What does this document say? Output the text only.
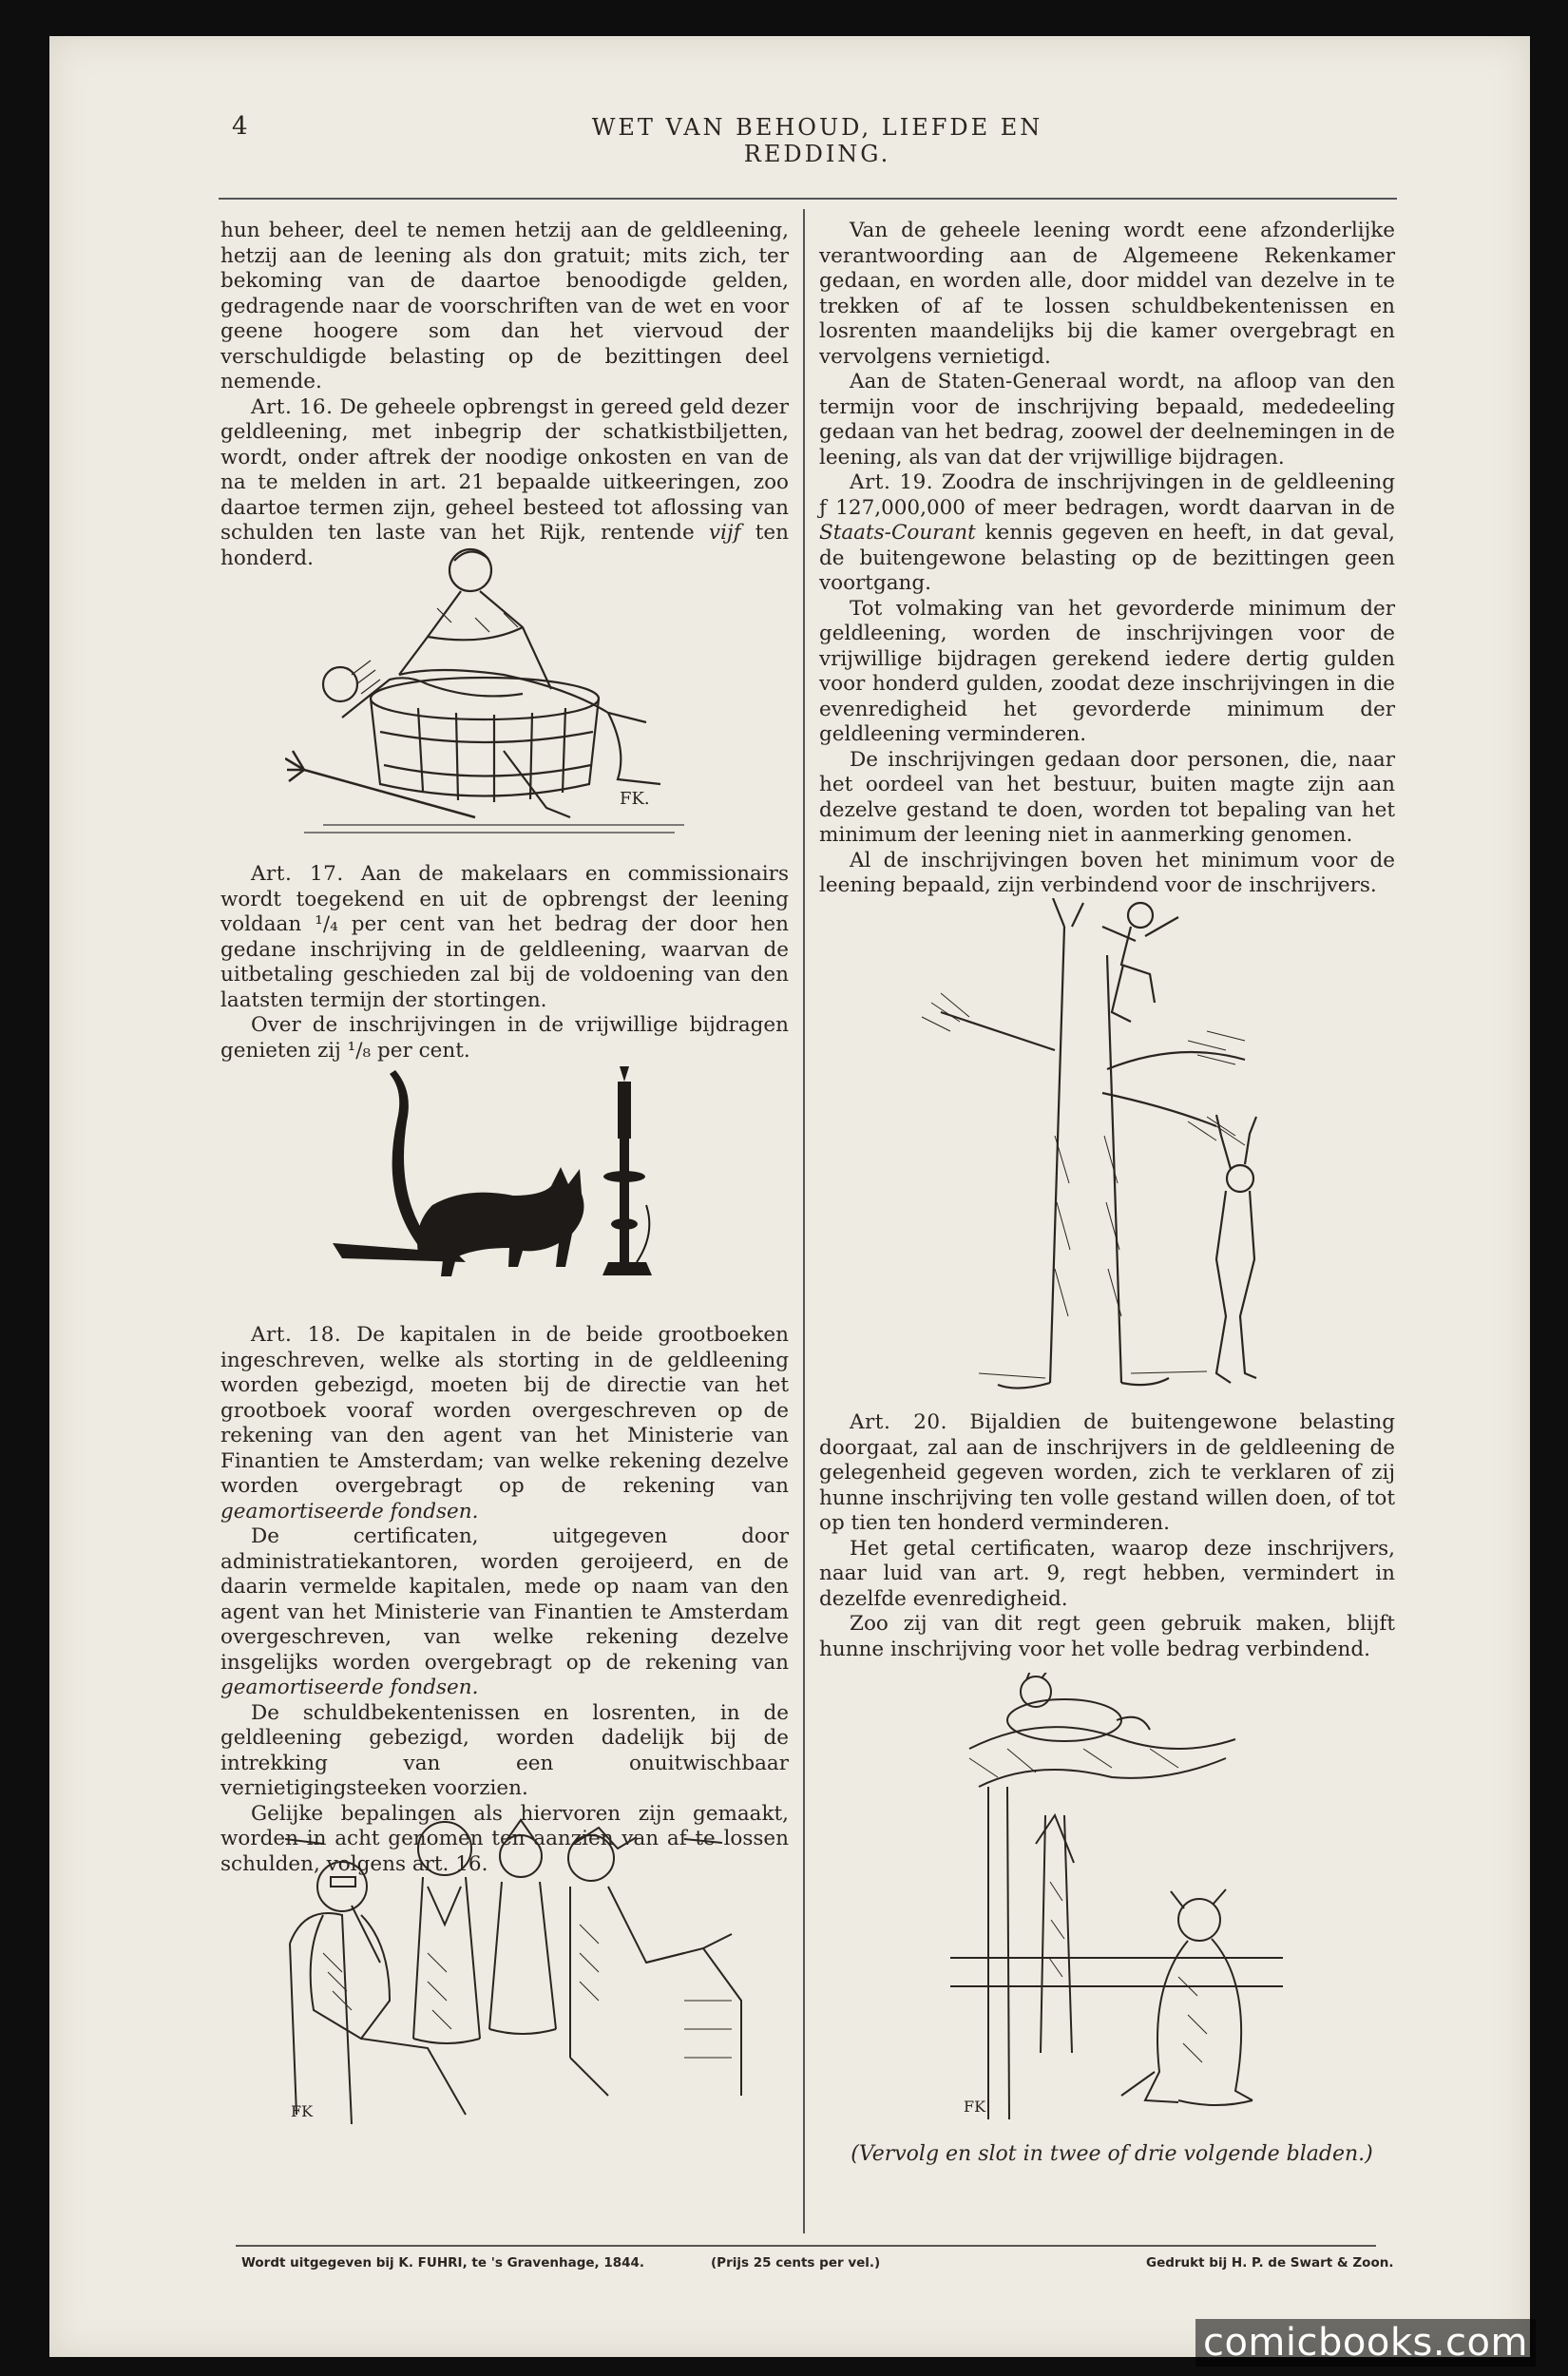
4	WET VAN BEHOUD, LIEFDE EN REDDING.

hun beheer, deel te nemen hetzij aan de geldleening, hetzij aan de leening als don gratuit; mits zich, ter bekoming van de daartoe benoodigde gelden, gedragende naar de voorschriften van de wet en voor geene hoogere som dan het viervoud der verschuldigde belasting op de bezittingen deel nemende.

Art. 16. De geheele opbrengst in gereed geld dezer geldleening, met inbegrip der schatkistbiljetten, wordt, onder aftrek der noodige onkosten en van de na te melden in art. 21 bepaalde uitkeeringen, zoo daartoe termen zijn, geheel besteed tot aflossing van schulden ten laste van het Rijk, rentende vijf ten honderd.

FK.

Art. 17. Aan de makelaars en commissionairs wordt toegekend en uit de opbrengst der leening voldaan ¹/₄ per cent van het bedrag der door hen gedane inschrijving in de geldleening, waarvan de uitbetaling geschieden zal bij de voldoening van den laatsten termijn der stortingen.

Over de inschrijvingen in de vrijwillige bijdragen genieten zij ¹/₈ per cent.

Art. 18. De kapitalen in de beide grootboeken ingeschreven, welke als storting in de geldleening worden gebezigd, moeten bij de directie van het grootboek vooraf worden overgeschreven op de rekening van den agent van het Ministerie van Finantien te Amsterdam; van welke rekening dezelve worden overgebragt op de rekening van geamortiseerde fondsen.

De certificaten, uitgegeven door administratiekantoren, worden geroijeerd, en de daarin vermelde kapitalen, mede op naam van den agent van het Ministerie van Finantien te Amsterdam overgeschreven, van welke rekening dezelve insgelijks worden overgebragt op de rekening van geamortiseerde fondsen.

De schuldbekentenissen en losrenten, in de geldleening gebezigd, worden dadelijk bij de intrekking van een onuitwischbaar vernietigingsteeken voorzien.

Gelijke bepalingen als hiervoren zijn gemaakt, worden in acht genomen ten aanzien van af te lossen schulden, volgens art. 16.

FK

Van de geheele leening wordt eene afzonderlijke verantwoording aan de Algemeene Rekenkamer gedaan, en worden alle, door middel van dezelve in te trekken of af te lossen schuldbekentenissen en losrenten maandelijks bij die kamer overgebragt en vervolgens vernietigd.

Aan de Staten-Generaal wordt, na afloop van den termijn voor de inschrijving bepaald, mededeeling gedaan van het bedrag, zoowel der deelnemingen in de leening, als van dat der vrijwillige bijdragen.

Art. 19. Zoodra de inschrijvingen in de geldleening ƒ 127,000,000 of meer bedragen, wordt daarvan in de Staats-Courant kennis gegeven en heeft, in dat geval, de buitengewone belasting op de bezittingen geen voortgang.

Tot volmaking van het gevorderde minimum der geldleening, worden de inschrijvingen voor de vrijwillige bijdragen gerekend iedere dertig gulden voor honderd gulden, zoodat deze inschrijvingen in die evenredigheid het gevorderde minimum der geldleening verminderen.

De inschrijvingen gedaan door personen, die, naar het oordeel van het bestuur, buiten magte zijn aan dezelve gestand te doen, worden tot bepaling van het minimum der leening niet in aanmerking genomen.

Al de inschrijvingen boven het minimum voor de leening bepaald, zijn verbindend voor de inschrijvers.

Art. 20. Bijaldien de buitengewone belasting doorgaat, zal aan de inschrijvers in de geldleening de gelegenheid gegeven worden, zich te verklaren of zij hunne inschrijving ten volle gestand willen doen, of tot op tien ten honderd verminderen.

Het getal certificaten, waarop deze inschrijvers, naar luid van art. 9, regt hebben, vermindert in dezelfde evenredigheid.

Zoo zij van dit regt geen gebruik maken, blijft hunne inschrijving voor het volle bedrag verbindend.

FK
(Vervolg en slot in twee of drie volgende bladen.)
Wordt uitgegeven bij K. FUHRI, te 's Gravenhage, 1844.	(Prijs 25 cents per vel.)	Gedrukt bij H. P. de Swart & Zoon.
comicbooks.com
